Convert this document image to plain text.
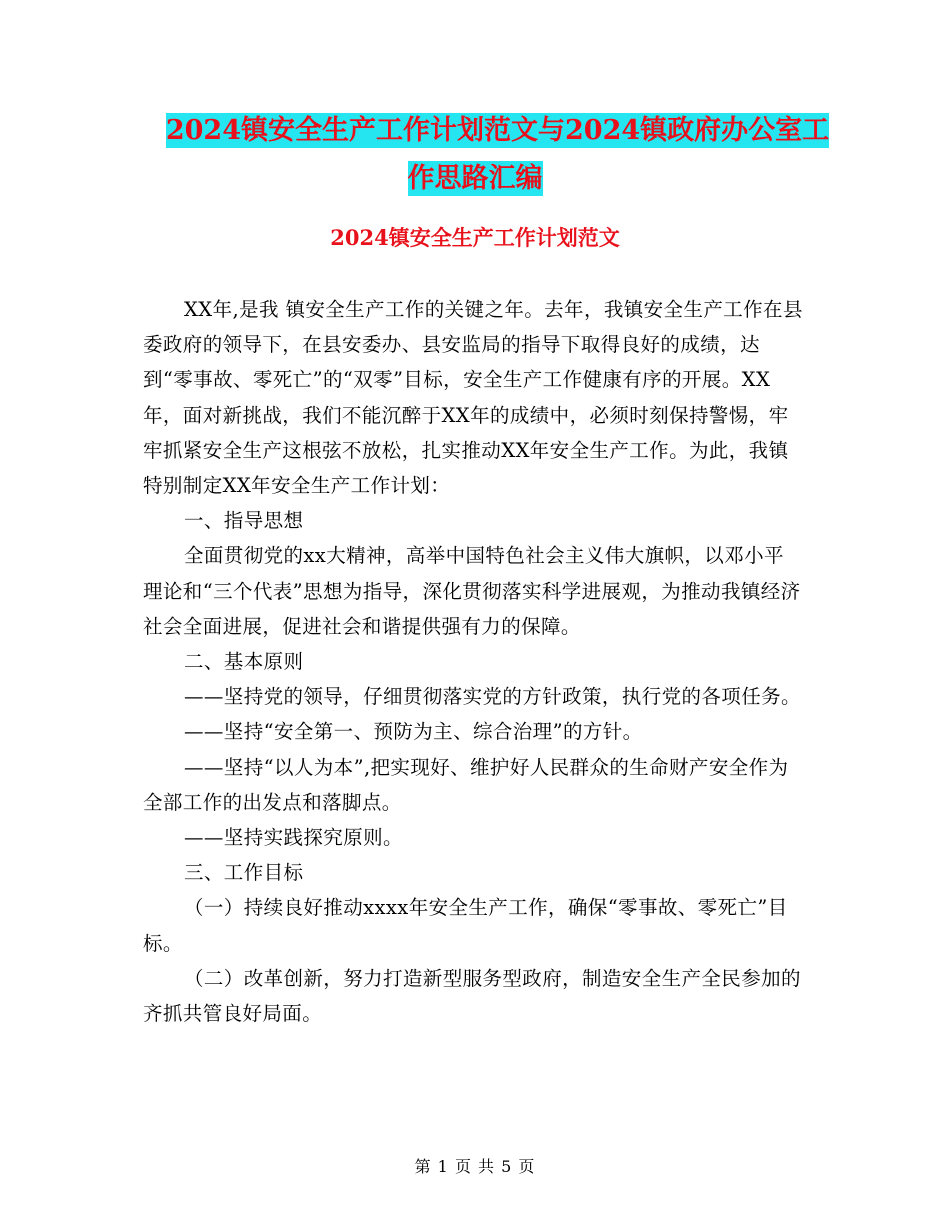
2024镇安全生产工作计划范文与2024镇政府办公室工
作思路汇编
2024镇安全生产工作计划范文

XX年,是我 镇安全生产工作的关键之年。去年，我镇安全生产工作在县委政府的领导下，在县安委办、县安监局的指导下取得良好的成绩，达到“零事故、零死亡”的“双零”目标，安全生产工作健康有序的开展。XX年，面对新挑战，我们不能沉醉于XX年的成绩中，必须时刻保持警惕，牢牢抓紧安全生产这根弦不放松，扎实推动XX年安全生产工作。为此，我镇特别制定XX年安全生产工作计划：

一、指导思想

全面贯彻党的xx大精神，高举中国特色社会主义伟大旗帜，以邓小平理论和“三个代表”思想为指导，深化贯彻落实科学进展观，为推动我镇经济社会全面进展，促进社会和谐提供强有力的保障。

二、基本原则

——坚持党的领导，仔细贯彻落实党的方针政策，执行党的各项任务。

——坚持“安全第一、预防为主、综合治理”的方针。

——坚持“以人为本”,把实现好、维护好人民群众的生命财产安全作为全部工作的出发点和落脚点。

——坚持实践探究原则。

三、工作目标

（一）持续良好推动xxxx年安全生产工作，确保“零事故、零死亡”目标。

（二）改革创新，努力打造新型服务型政府，制造安全生产全民参加的齐抓共管良好局面。

第 1 页 共 5 页
